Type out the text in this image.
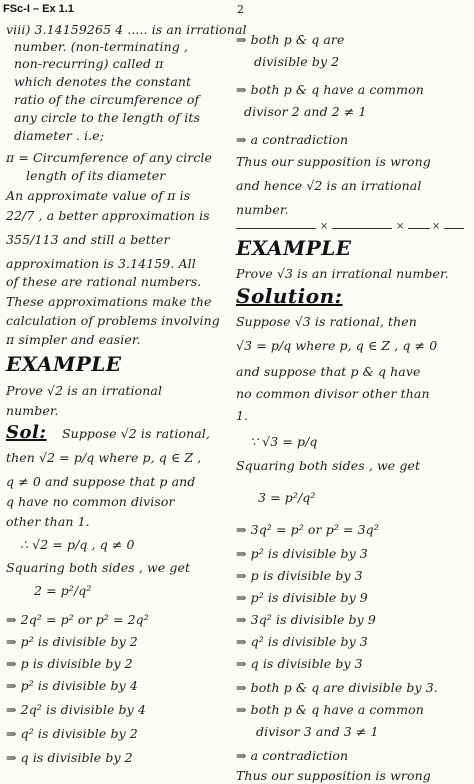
FSc-I – Ex 1.1	2
viii) 3.14159265 4 ..... is an irrational
number. (non-terminating ,
non-recurring) called π
which denotes the constant
ratio of the circumference of
any circle to the length of its
diameter . i.e;
π = Circumference of any circle
length of its diameter
An approximate value of π is
22/7 , a better approximation is
355/113 and still a better
approximation is 3.14159. All
of these are rational numbers.
These approximations make the
calculation of problems involving
π simpler and easier.
EXAMPLE
Prove √2 is an irrational
number.
Sol: Suppose √2 is rational,
then √2 = p/q where p, q ∈ Z ,
q ≠ 0 and suppose that p and
q have no common divisor
other than 1.
∴ √2 = p/q , q ≠ 0
Squaring both sides , we get
2 = p²/q²
⇒ 2q² = p² or p² = 2q²
⇒ p² is divisible by 2
⇒ p is divisible by 2
⇒ p² is divisible by 4
⇒ 2q² is divisible by 4
⇒ q² is divisible by 2
⇒ q is divisible by 2
⇒ both p & q are
divisible by 2
⇒ both p & q have a common
divisor 2 and 2 ≠ 1
⇒ a contradiction
Thus our supposition is wrong
and hence √2 is an irrational
number.
×	×	×
EXAMPLE
Prove √3 is an irrational number.
Solution:
Suppose √3 is rational, then
√3 = p/q where p, q ∈ Z , q ≠ 0
and suppose that p & q have
no common divisor other than
1.
∵ √3 = p/q
Squaring both sides , we get
3 = p²/q²
⇒ 3q² = p² or p² = 3q²
⇒ p² is divisible by 3
⇒ p is divisible by 3
⇒ p² is divisible by 9
⇒ 3q² is divisible by 9
⇒ q² is divisible by 3
⇒ q is divisible by 3
⇒ both p & q are divisible by 3.
⇒ both p & q have a common
divisor 3 and 3 ≠ 1
⇒ a contradiction
Thus our supposition is wrong
